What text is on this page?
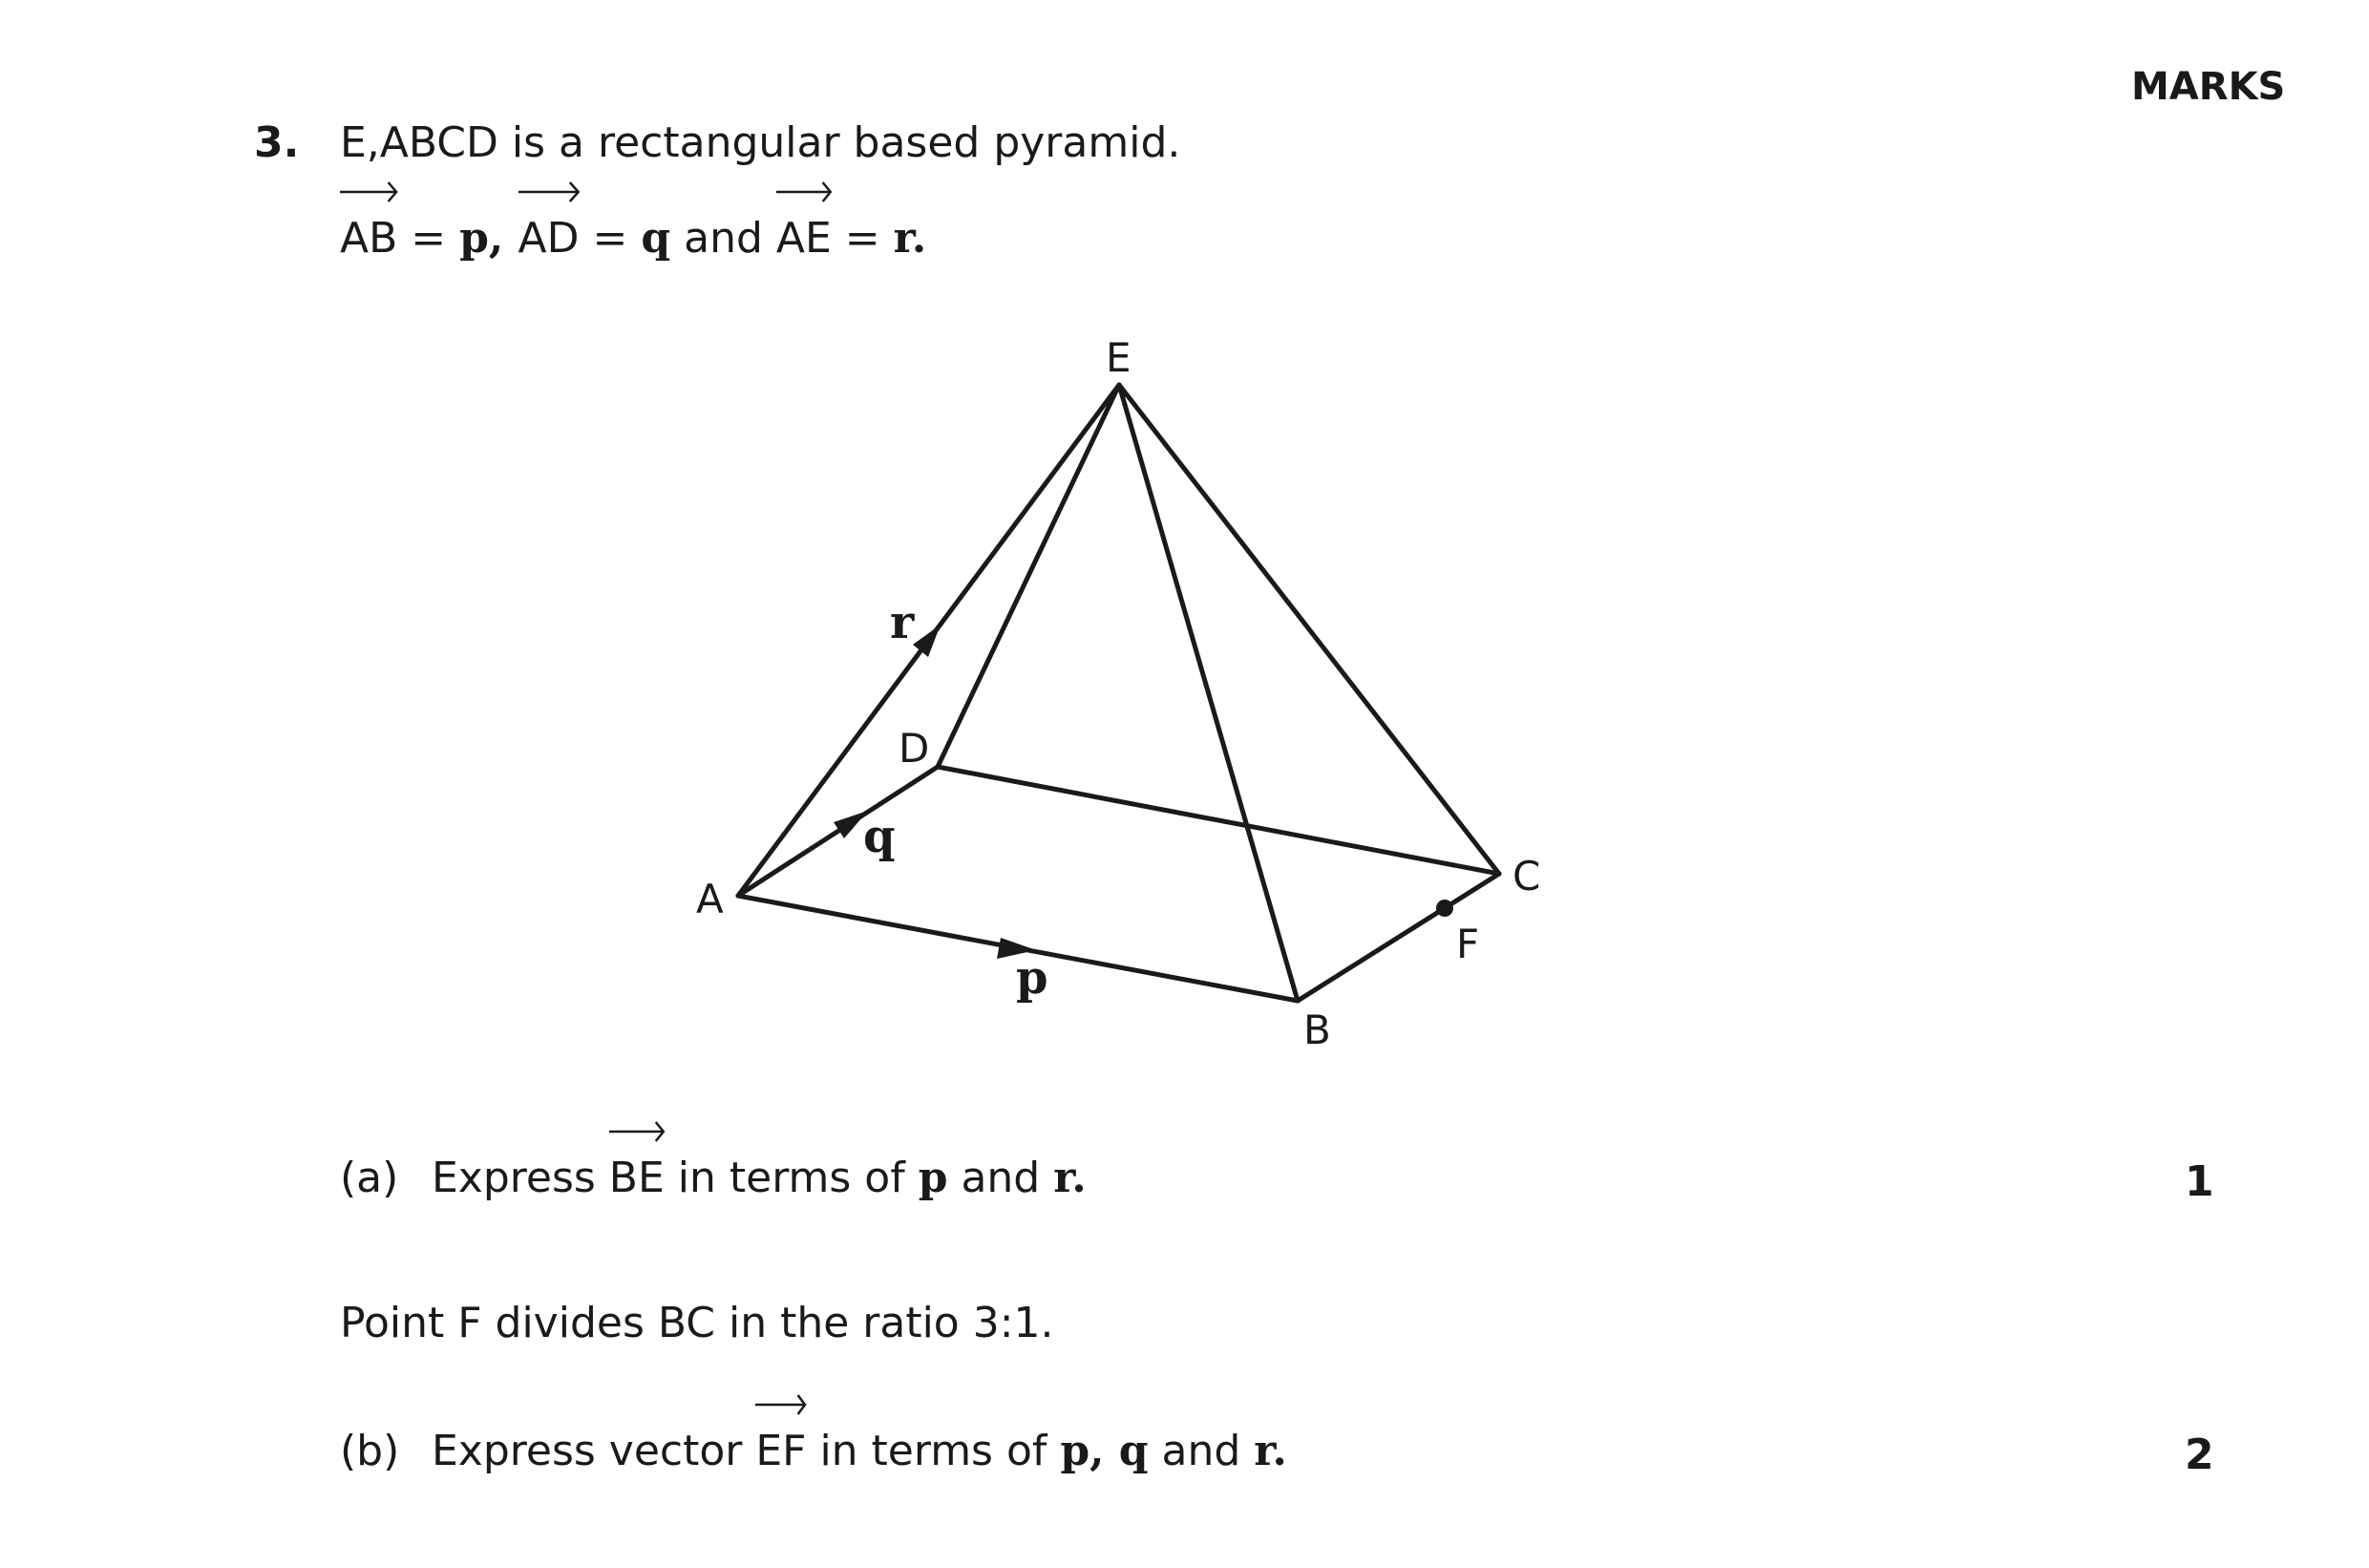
MARKS
3. E,ABCD is a rectangular based pyramid.
AB = p,
AD = q and
AE = r.
E
D
A
B
C
F
r
q
p
(a) Express
BE in terms of p and r.	1
Point F divides BC in the ratio 3:1.
(b) Express vector
EF in terms of p, q and r.	2
